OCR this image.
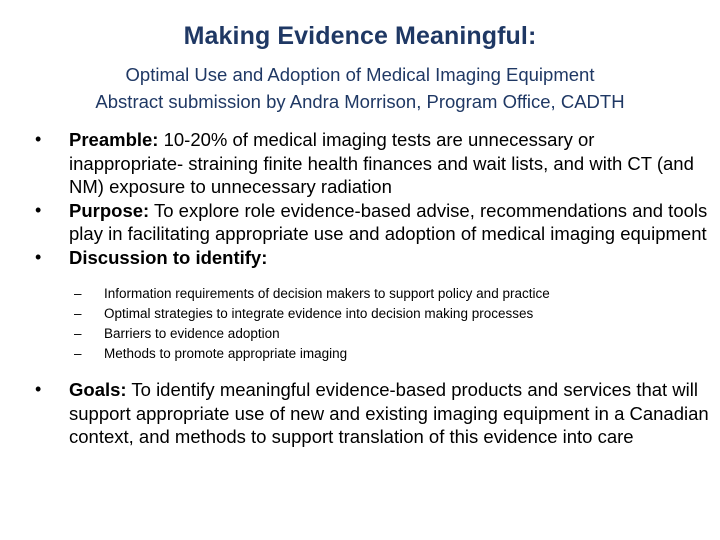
Making Evidence Meaningful:
Optimal Use and Adoption of Medical Imaging Equipment
Abstract submission by Andra Morrison, Program Office, CADTH
• Preamble: 10-20% of medical imaging tests are unnecessary or inappropriate- straining finite health finances and wait lists, and with CT (and NM) exposure to unnecessary radiation
• Purpose: To explore role evidence-based advise, recommendations and tools play in facilitating appropriate use and adoption of medical imaging equipment
• Discussion to identify:
– Information requirements of decision makers to support policy and practice
– Optimal strategies to integrate evidence into decision making processes
– Barriers to evidence adoption
– Methods to promote appropriate imaging
• Goals: To identify meaningful evidence-based products and services that will support appropriate use of new and existing imaging equipment in a Canadian context, and methods to support translation of this evidence into care
